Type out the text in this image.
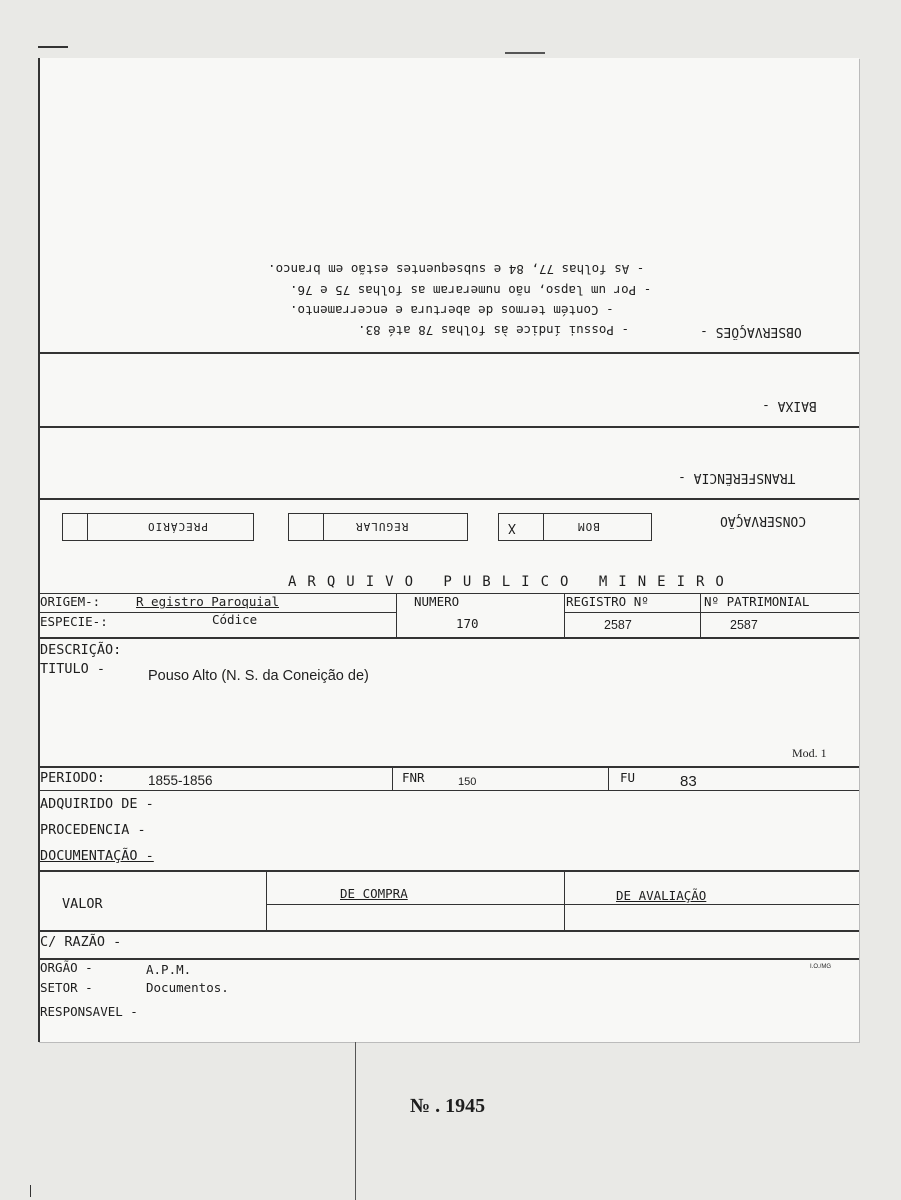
- As folhas 77, 84 e subsequentes estão em branco.
- Por um lapso, não numeraram as folhas 75 e 76.
- Contém termos de abertura e encerramento.
- Possui índice às folhas 78 até 83.	OBSERVAÇÕES -
BAIXA -
TRANSFERÊNCIA -
CONSERVAÇÃO
X	BOM
REGULAR
PRECÁRIO
ARQUIVO PUBLICO MINEIRO
ORIGEM-:	R egistro Paroquial	NUMERO	REGISTRO Nº	Nº PATRIMONIAL
ESPECIE-:	Códice	170	2587	2587
DESCRIÇÃO:
TITULO -	Pouso Alto (N. S. da Coneição de)
Mod. 1
PERIODO:	1855-1856	FNR	150	FU	83
ADQUIRIDO DE -
PROCEDENCIA -
DOCUMENTAÇÃO -
VALOR
DE COMPRA	DE AVALIAÇÃO
C/ RAZÃO -
ORGÃO -	A.P.M.
SETOR -	Documentos.
RESPONSAVEL -
I.O./MG
№ . 1945
